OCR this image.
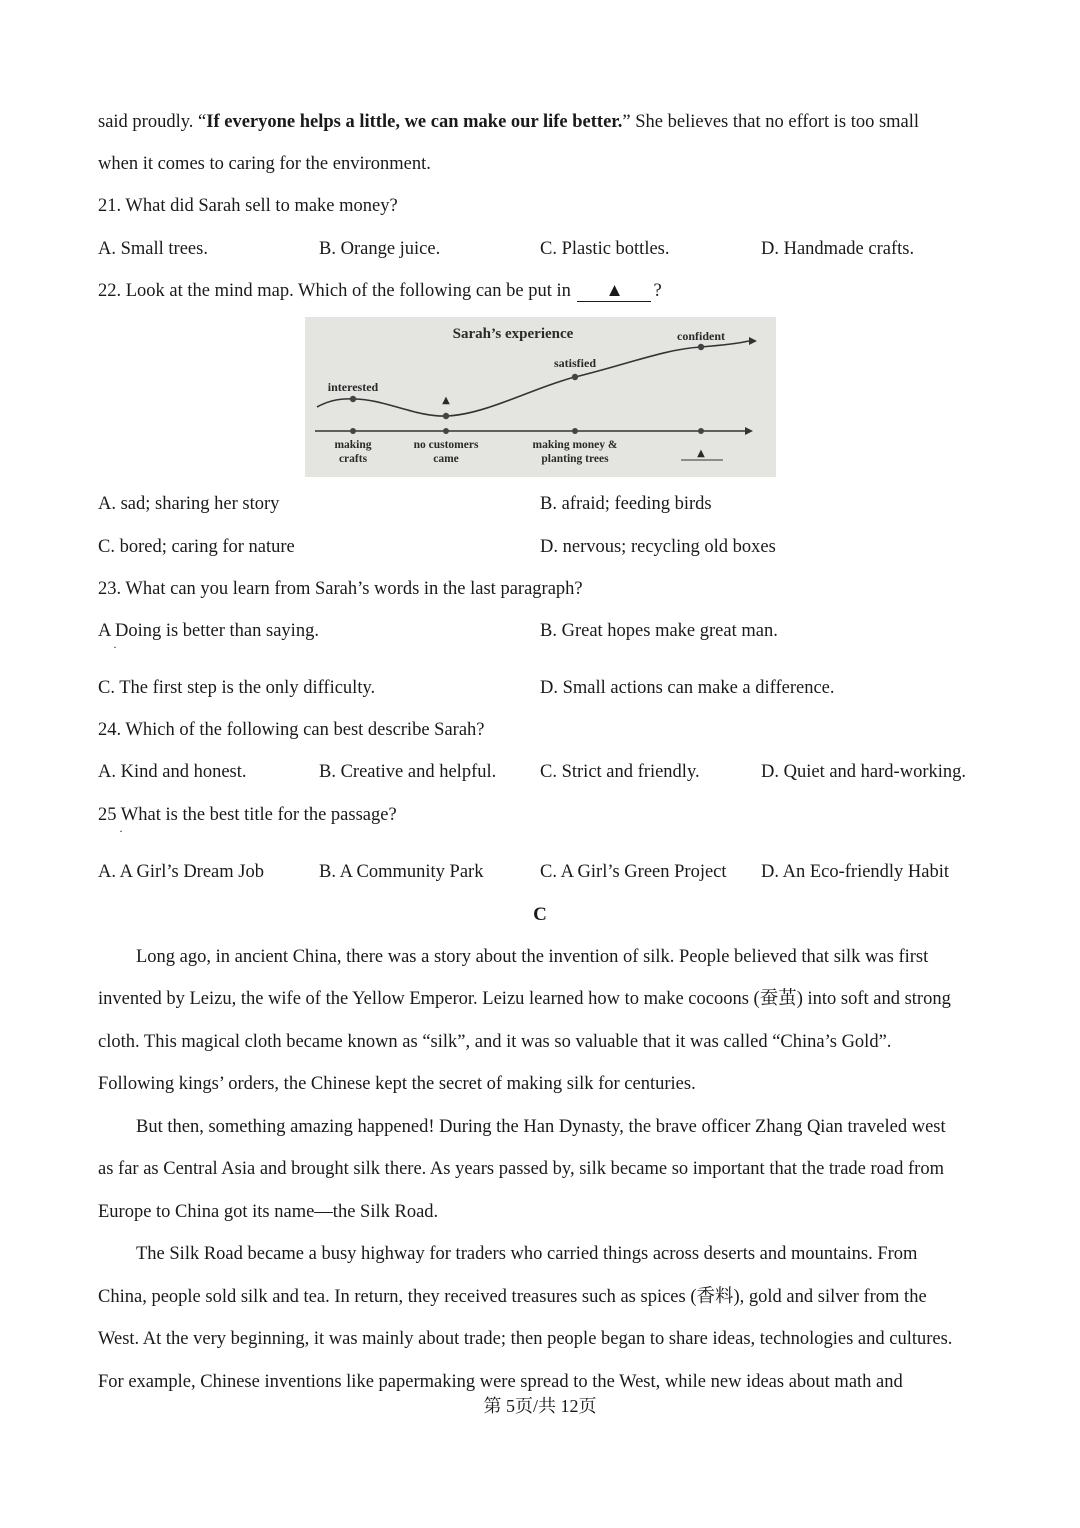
said proudly. “If everyone helps a little, we can make our life better.” She believes that no effort is too small
when it comes to caring for the environment.
21. What did Sarah sell to make money?
A. Small trees.	B. Orange juice.	C. Plastic bottles.	D. Handmade crafts.
22. Look at the mind map. Which of the following can be put in ▲ ?
Sarah’s experience
interested
▲
satisfied
confident
making
crafts
no customers
came
making money &
planting trees	▲
A. sad; sharing her story	B. afraid; feeding birds
C. bored; caring for nature	D. nervous; recycling old boxes
23. What can you learn from Sarah’s words in the last paragraph?
A Doing is better than saying.
·
B. Great hopes make great man.
C. The first step is the only difficulty.	D. Small actions can make a difference.
24. Which of the following can best describe Sarah?
A. Kind and honest.	B. Creative and helpful. C. Strict and friendly.	D. Quiet and hard-working.
25 What is the best title for the passage?
·
A. A Girl’s Dream Job	B. A Community Park	C. A Girl’s Green Project D. An Eco-friendly Habit
C
Long ago, in ancient China, there was a story about the invention of silk. People believed that silk was first
invented by Leizu, the wife of the Yellow Emperor. Leizu learned how to make cocoons (蚕茧) into soft and strong
cloth. This magical cloth became known as “silk”, and it was so valuable that it was called “China’s Gold”.
Following kings’ orders, the Chinese kept the secret of making silk for centuries.
But then, something amazing happened! During the Han Dynasty, the brave officer Zhang Qian traveled west
as far as Central Asia and brought silk there. As years passed by, silk became so important that the trade road from
Europe to China got its name—the Silk Road.
The Silk Road became a busy highway for traders who carried things across deserts and mountains. From
China, people sold silk and tea. In return, they received treasures such as spices (香料), gold and silver from the
West. At the very beginning, it was mainly about trade; then people began to share ideas, technologies and cultures.
For example, Chinese inventions like papermaking were spread to the West, while new ideas about math and
第 5页/共 12页
